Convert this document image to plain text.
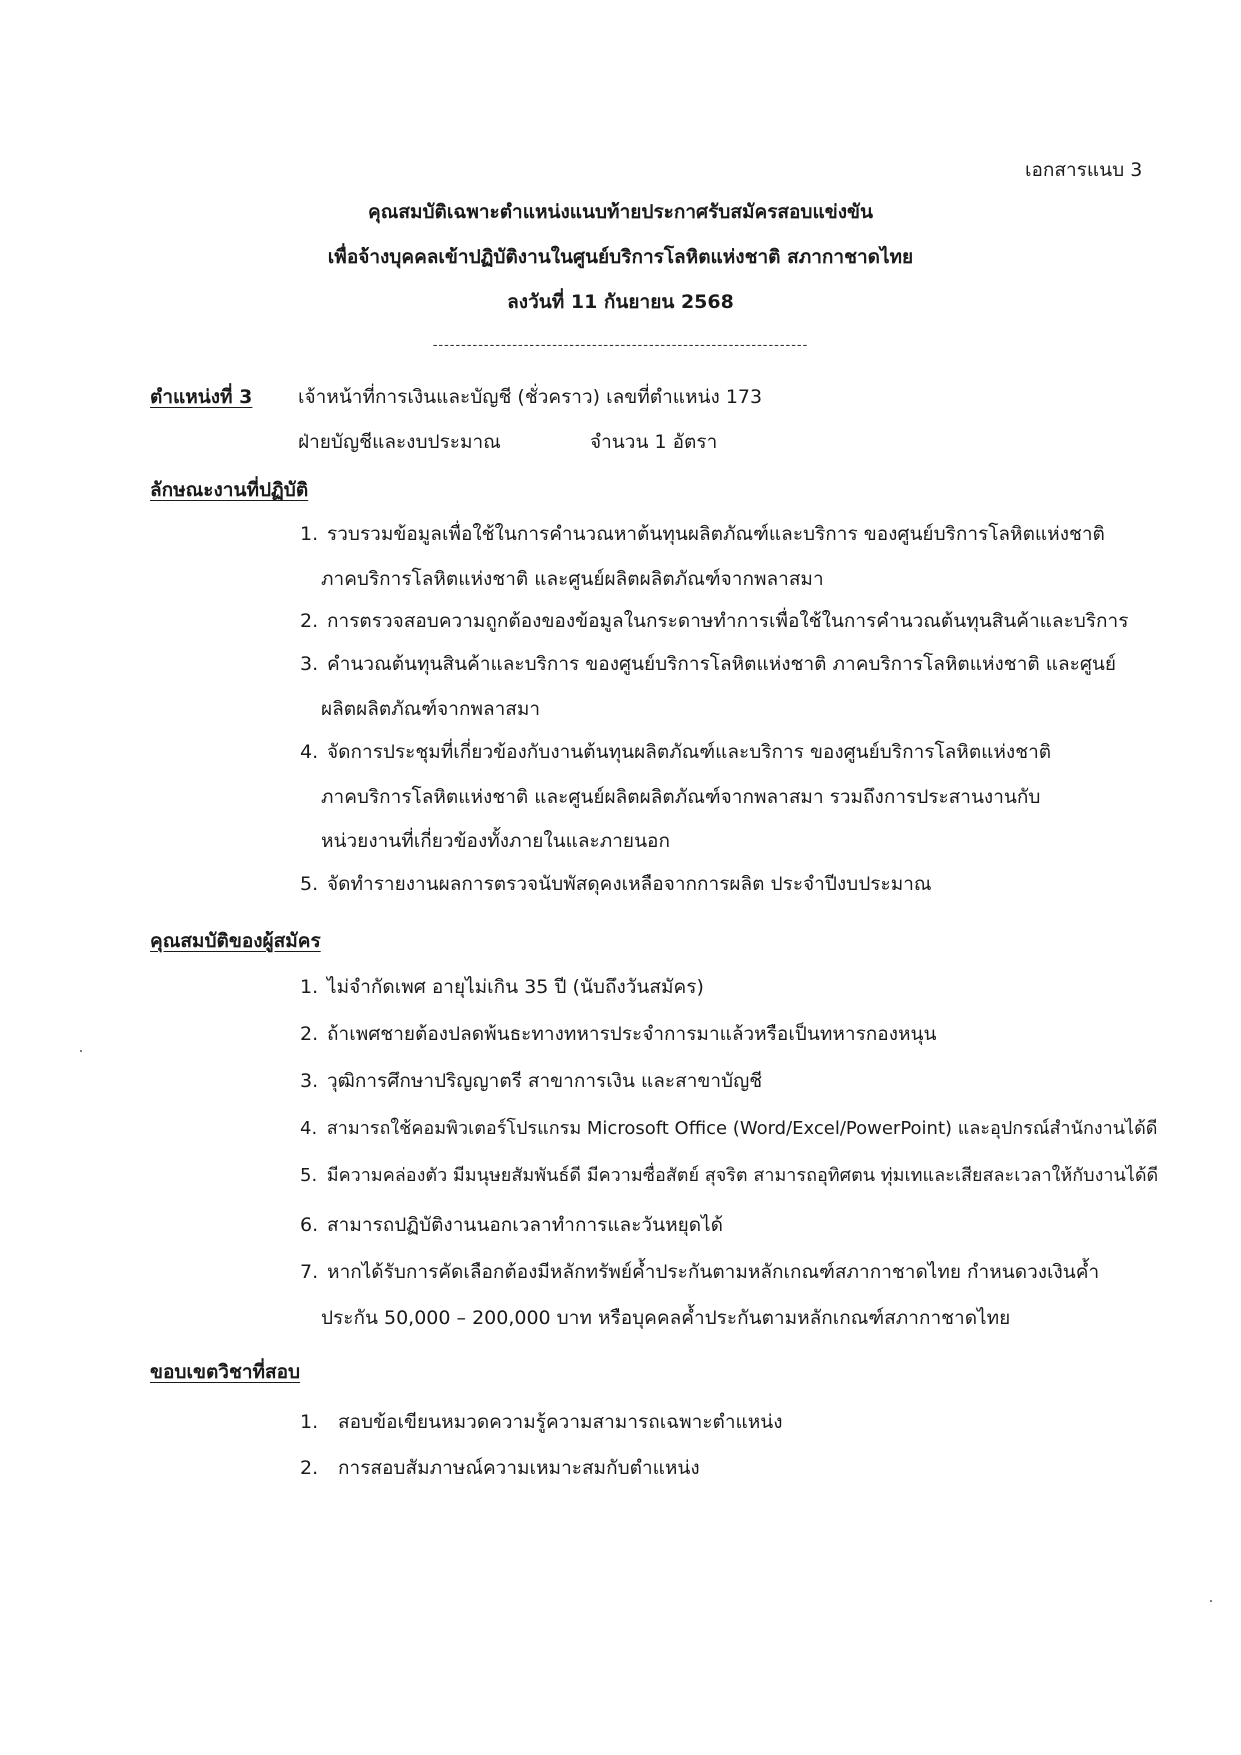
เอกสารแนบ 3
คุณสมบัติเฉพาะตำแหน่งแนบท้ายประกาศรับสมัครสอบแข่งขัน
เพื่อจ้างบุคคลเข้าปฏิบัติงานในศูนย์บริการโลหิตแห่งชาติ สภากาชาดไทย
ลงวันที่ 11 กันยายน 2568
------------------------------------------------------------------
ตำแหน่งที่ 3 เจ้าหน้าที่การเงินและบัญชี (ชั่วคราว) เลขที่ตำแหน่ง 173
ฝ่ายบัญชีและงบประมาณ	จำนวน 1 อัตรา
ลักษณะงานที่ปฏิบัติ
1. รวบรวมข้อมูลเพื่อใช้ในการคำนวณหาต้นทุนผลิตภัณฑ์และบริการ ของศูนย์บริการโลหิตแห่งชาติ
ภาคบริการโลหิตแห่งชาติ และศูนย์ผลิตผลิตภัณฑ์จากพลาสมา
2. การตรวจสอบความถูกต้องของข้อมูลในกระดาษทำการเพื่อใช้ในการคำนวณต้นทุนสินค้าและบริการ
3. คำนวณต้นทุนสินค้าและบริการ ของศูนย์บริการโลหิตแห่งชาติ ภาคบริการโลหิตแห่งชาติ และศูนย์
ผลิตผลิตภัณฑ์จากพลาสมา
4. จัดการประชุมที่เกี่ยวข้องกับงานต้นทุนผลิตภัณฑ์และบริการ ของศูนย์บริการโลหิตแห่งชาติ
ภาคบริการโลหิตแห่งชาติ และศูนย์ผลิตผลิตภัณฑ์จากพลาสมา รวมถึงการประสานงานกับ
หน่วยงานที่เกี่ยวข้องทั้งภายในและภายนอก
5. จัดทำรายงานผลการตรวจนับพัสดุคงเหลือจากการผลิต ประจำปีงบประมาณ
คุณสมบัติของผู้สมัคร
1. ไม่จำกัดเพศ อายุไม่เกิน 35 ปี (นับถึงวันสมัคร)
2. ถ้าเพศชายต้องปลดพ้นธะทางทหารประจำการมาแล้วหรือเป็นทหารกองหนุน
3. วุฒิการศึกษาปริญญาตรี สาขาการเงิน และสาขาบัญชี
4. สามารถใช้คอมพิวเตอร์โปรแกรม Microsoft Office (Word/Excel/PowerPoint) และอุปกรณ์สำนักงานได้ดี
5. มีความคล่องตัว มีมนุษยสัมพันธ์ดี มีความซื่อสัตย์ สุจริต สามารถอุทิศตน ทุ่มเทและเสียสละเวลาให้กับงานได้ดี
6. สามารถปฏิบัติงานนอกเวลาทำการและวันหยุดได้
7. หากได้รับการคัดเลือกต้องมีหลักทรัพย์ค้ำประกันตามหลักเกณฑ์สภากาชาดไทย กำหนดวงเงินค้ำ
ประกัน 50,000 – 200,000 บาท หรือบุคคลค้ำประกันตามหลักเกณฑ์สภากาชาดไทย
ขอบเขตวิชาที่สอบ
1. สอบข้อเขียนหมวดความรู้ความสามารถเฉพาะตำแหน่ง
2. การสอบสัมภาษณ์ความเหมาะสมกับตำแหน่ง
